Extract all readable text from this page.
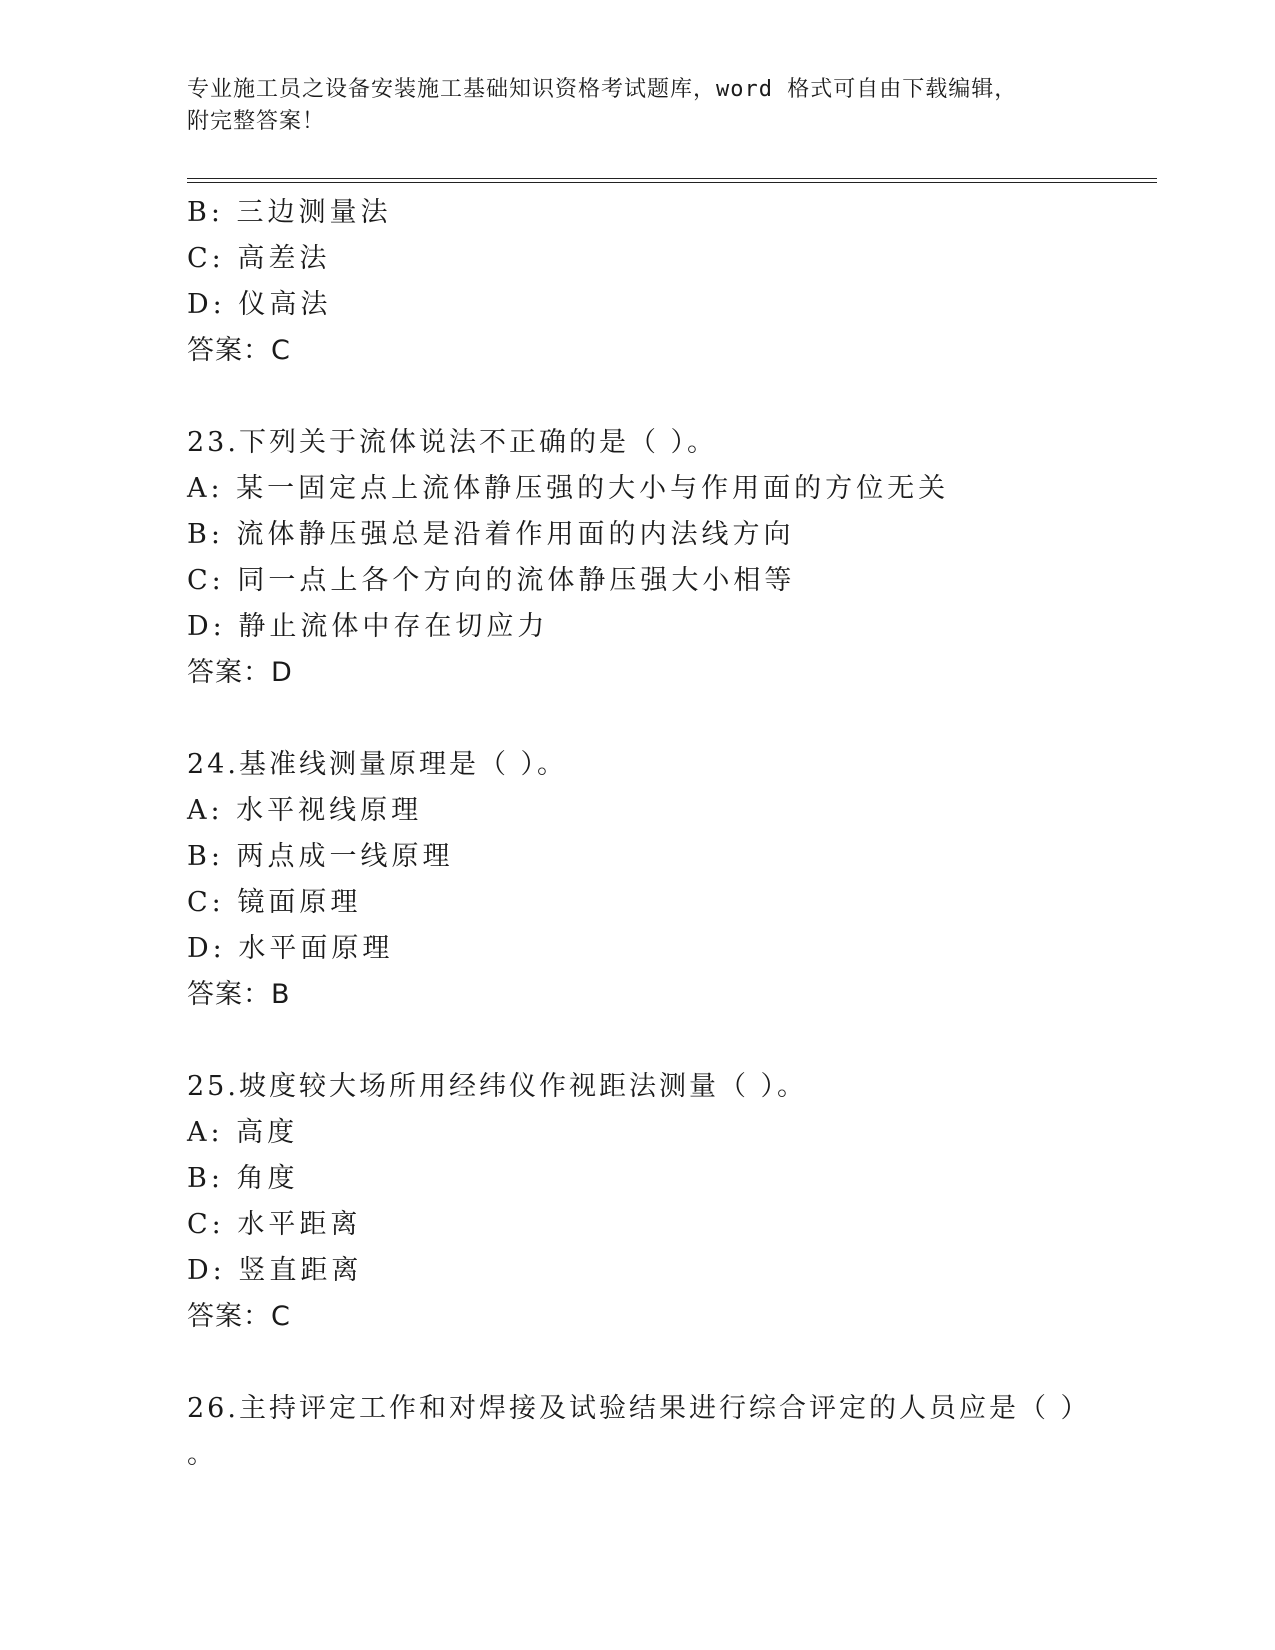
专业施工员之设备安装施工基础知识资格考试题库，word 格式可自由下载编辑，
附完整答案！
B: 三边测量法
C: 高差法
D: 仪高法
答案：C
23.下列关于流体说法不正确的是（ ）。
A: 某一固定点上流体静压强的大小与作用面的方位无关
B: 流体静压强总是沿着作用面的内法线方向
C: 同一点上各个方向的流体静压强大小相等
D: 静止流体中存在切应力
答案：D
24.基准线测量原理是（ ）。
A: 水平视线原理
B: 两点成一线原理
C: 镜面原理
D: 水平面原理
答案：B
25.坡度较大场所用经纬仪作视距法测量（ ）。
A: 高度
B: 角度
C: 水平距离
D: 竖直距离
答案：C
26.主持评定工作和对焊接及试验结果进行综合评定的人员应是（ ）
。
